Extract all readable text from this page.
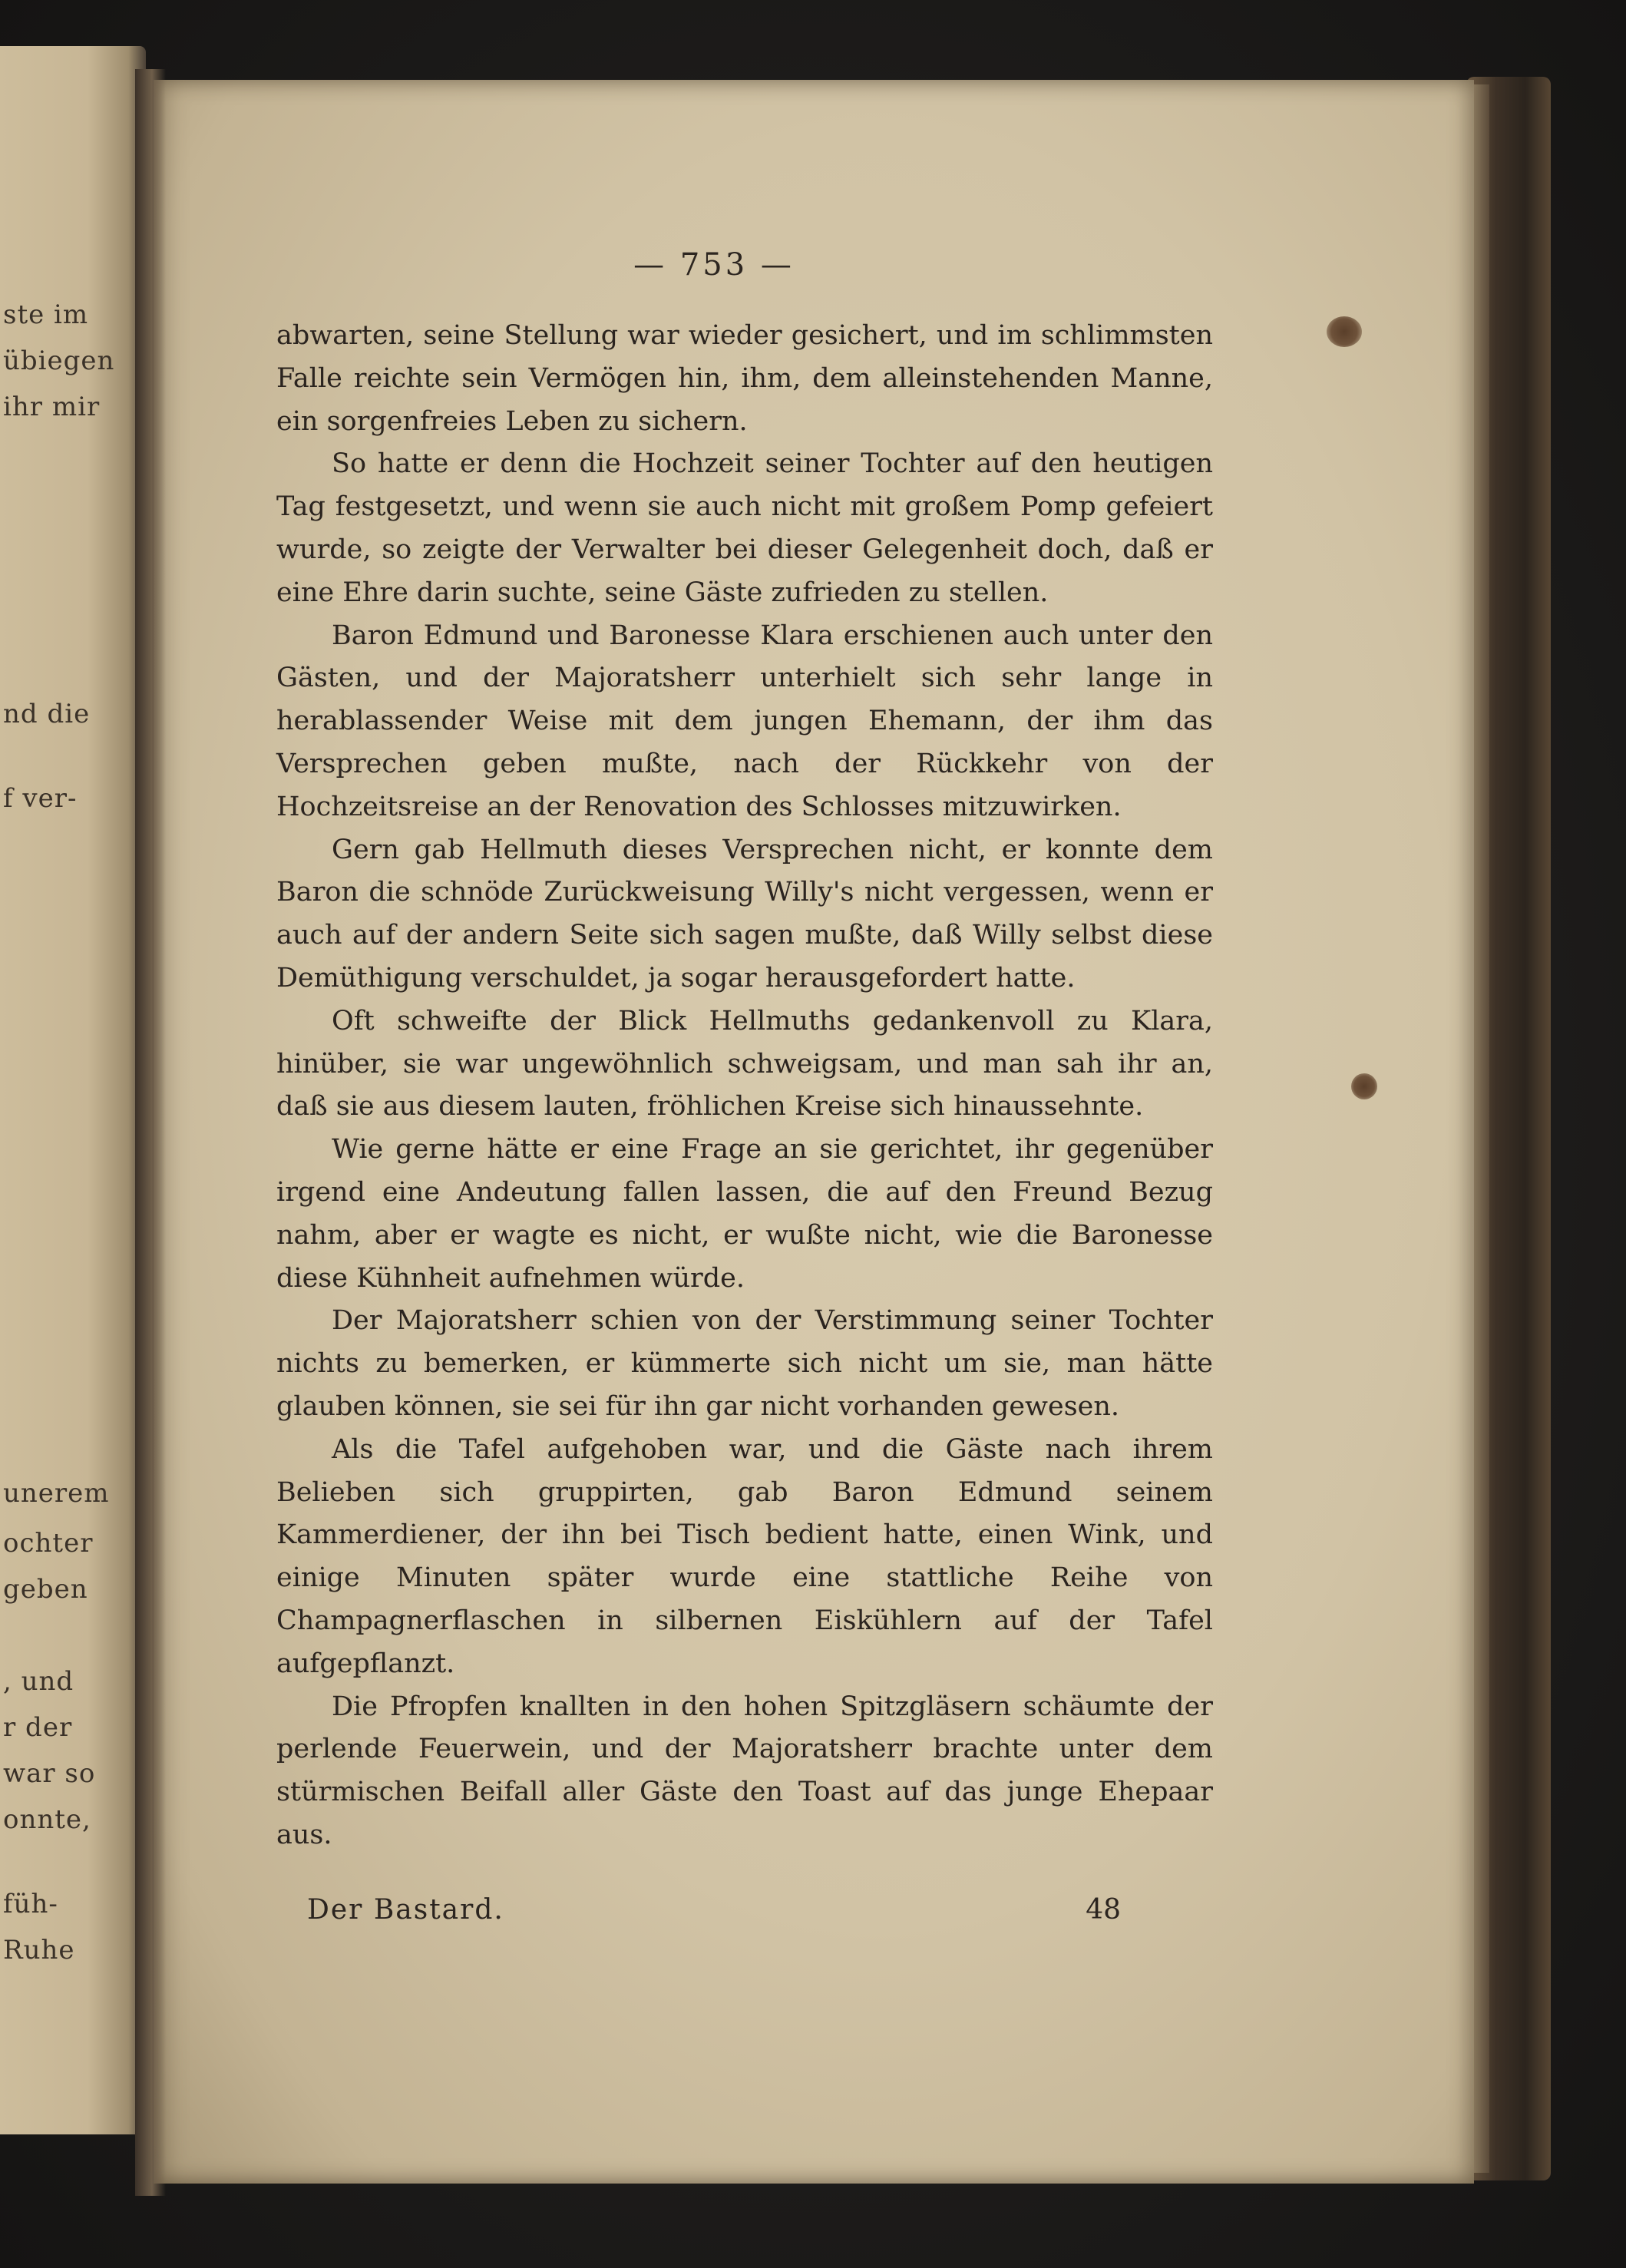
ste im
übiegen
ihr mir
nd die
f ver-
unerem
ochter
geben
, und
r der
war so
onnte,
füh-
Ruhe
— 753 —

abwarten, seine Stellung war wieder gesichert, und im schlimmsten Falle reichte sein Vermögen hin, ihm, dem alleinstehenden Manne, ein sorgenfreies Leben zu sichern.

So hatte er denn die Hochzeit seiner Tochter auf den heutigen Tag festgesetzt, und wenn sie auch nicht mit großem Pomp gefeiert wurde, so zeigte der Verwalter bei dieser Gelegenheit doch, daß er eine Ehre darin suchte, seine Gäste zufrieden zu stellen.

Baron Edmund und Baronesse Klara erschienen auch unter den Gästen, und der Majoratsherr unterhielt sich sehr lange in herablassender Weise mit dem jungen Ehemann, der ihm das Versprechen geben mußte, nach der Rückkehr von der Hochzeitsreise an der Renovation des Schlosses mitzuwirken.

Gern gab Hellmuth dieses Versprechen nicht, er konnte dem Baron die schnöde Zurückweisung Willy's nicht vergessen, wenn er auch auf der andern Seite sich sagen mußte, daß Willy selbst diese Demüthigung verschuldet, ja sogar herausgefordert hatte.

Oft schweifte der Blick Hellmuths gedankenvoll zu Klara, hinüber, sie war ungewöhnlich schweigsam, und man sah ihr an, daß sie aus diesem lauten, fröhlichen Kreise sich hinaussehnte.

Wie gerne hätte er eine Frage an sie gerichtet, ihr gegenüber irgend eine Andeutung fallen lassen, die auf den Freund Bezug nahm, aber er wagte es nicht, er wußte nicht, wie die Baronesse diese Kühnheit aufnehmen würde.

Der Majoratsherr schien von der Verstimmung seiner Tochter nichts zu bemerken, er kümmerte sich nicht um sie, man hätte glauben können, sie sei für ihn gar nicht vorhanden gewesen.

Als die Tafel aufgehoben war, und die Gäste nach ihrem Belieben sich gruppirten, gab Baron Edmund seinem Kammerdiener, der ihn bei Tisch bedient hatte, einen Wink, und einige Minuten später wurde eine stattliche Reihe von Champagnerflaschen in silbernen Eiskühlern auf der Tafel aufgepflanzt.

Die Pfropfen knallten in den hohen Spitzgläsern schäumte der perlende Feuerwein, und der Majoratsherr brachte unter dem stürmischen Beifall aller Gäste den Toast auf das junge Ehepaar aus.

Der Bastard.	48
